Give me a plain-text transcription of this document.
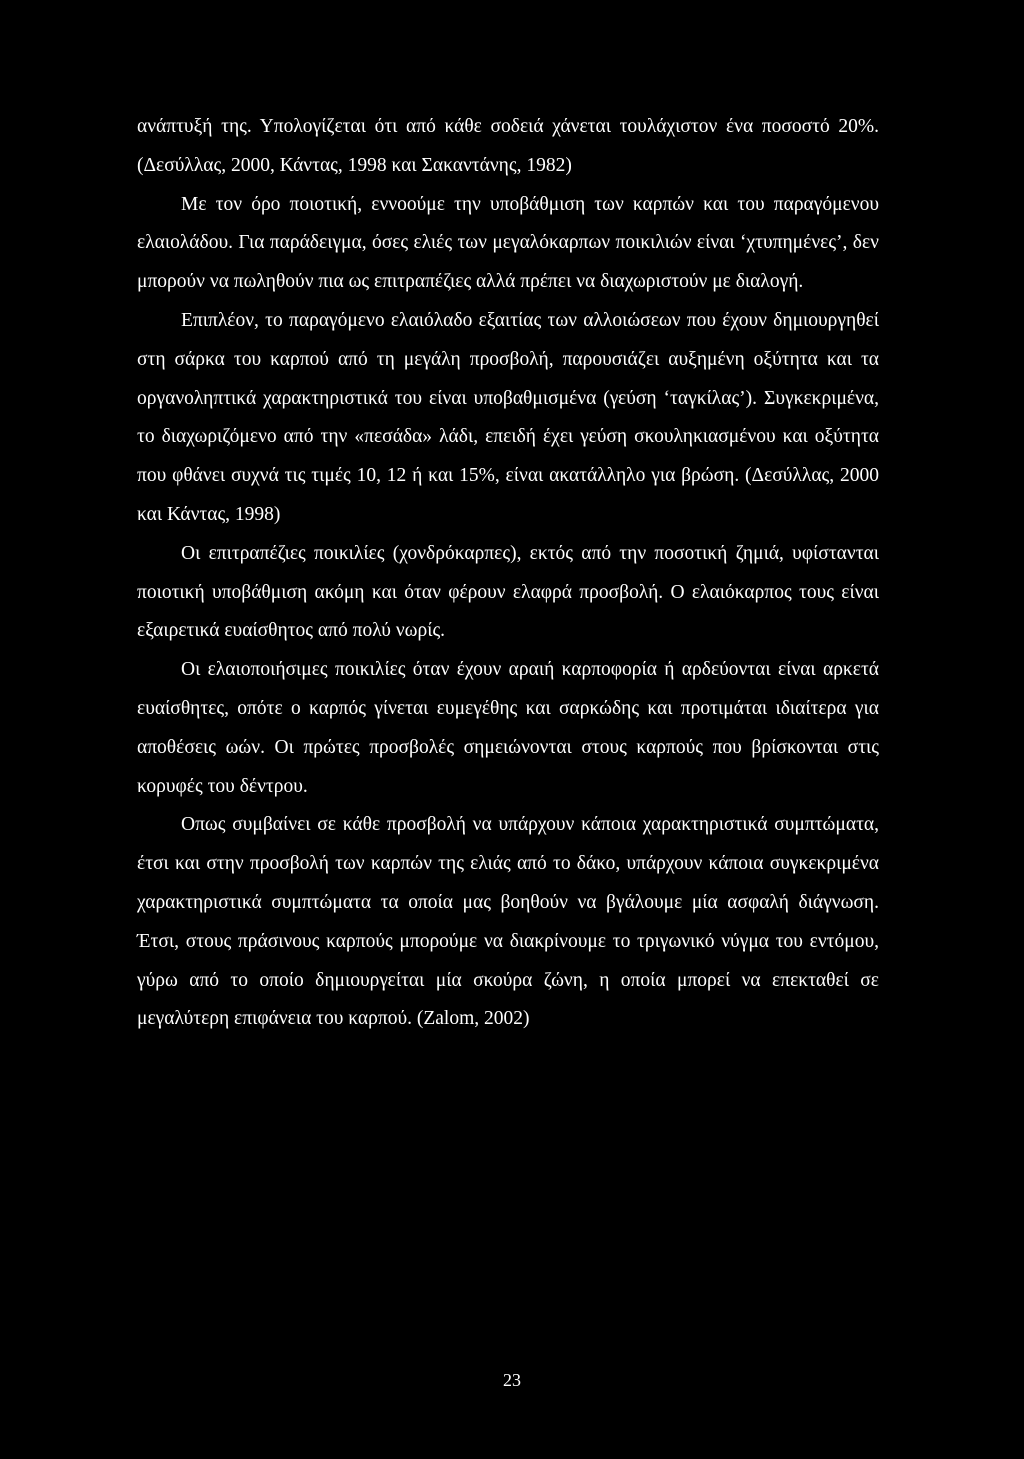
ανάπτυξή της. Υπολογίζεται ότι από κάθε σοδειά χάνεται τουλάχιστον ένα ποσοστό 20%. (Δεσύλλας, 2000, Κάντας, 1998 και Σακαντάνης, 1982)

Με τον όρο ποιοτική, εννοούμε την υποβάθμιση των καρπών και του παραγόμενου ελαιολάδου. Για παράδειγμα, όσες ελιές των μεγαλόκαρπων ποικιλιών είναι ‘χτυπημένες’, δεν μπορούν να πωληθούν πια ως επιτραπέζιες αλλά πρέπει να διαχωριστούν με διαλογή.

Επιπλέον, το παραγόμενο ελαιόλαδο εξαιτίας των αλλοιώσεων που έχουν δημιουργηθεί στη σάρκα του καρπού από τη μεγάλη προσβολή, παρουσιάζει αυξημένη οξύτητα και τα οργανοληπτικά χαρακτηριστικά του είναι υποβαθμισμένα (γεύση ‘ταγκίλας’). Συγκεκριμένα, το διαχωριζόμενο από την «πεσάδα» λάδι, επειδή έχει γεύση σκουληκιασμένου και οξύτητα που φθάνει συχνά τις τιμές 10, 12 ή και 15%, είναι ακατάλληλο για βρώση. (Δεσύλλας, 2000 και Κάντας, 1998)

Οι επιτραπέζιες ποικιλίες (χονδρόκαρπες), εκτός από την ποσοτική ζημιά, υφίστανται ποιοτική υποβάθμιση ακόμη και όταν φέρουν ελαφρά προσβολή. Ο ελαιόκαρπος τους είναι εξαιρετικά ευαίσθητος από πολύ νωρίς.

Οι ελαιοποιήσιμες ποικιλίες όταν έχουν αραιή καρποφορία ή αρδεύονται είναι αρκετά ευαίσθητες, οπότε ο καρπός γίνεται ευμεγέθης και σαρκώδης και προτιμάται ιδιαίτερα για αποθέσεις ωών. Οι πρώτες προσβολές σημειώνονται στους καρπούς που βρίσκονται στις κορυφές του δέντρου.

Οπως συμβαίνει σε κάθε προσβολή να υπάρχουν κάποια χαρακτηριστικά συμπτώματα, έτσι και στην προσβολή των καρπών της ελιάς από το δάκο, υπάρχουν κάποια συγκεκριμένα χαρακτηριστικά συμπτώματα τα οποία μας βοηθούν να βγάλουμε μία ασφαλή διάγνωση. Έτσι, στους πράσινους καρπούς μπορούμε να διακρίνουμε το τριγωνικό νύγμα του εντόμου, γύρω από το οποίο δημιουργείται μία σκούρα ζώνη, η οποία μπορεί να επεκταθεί σε μεγαλύτερη επιφάνεια του καρπού. (Zalom, 2002)

23
